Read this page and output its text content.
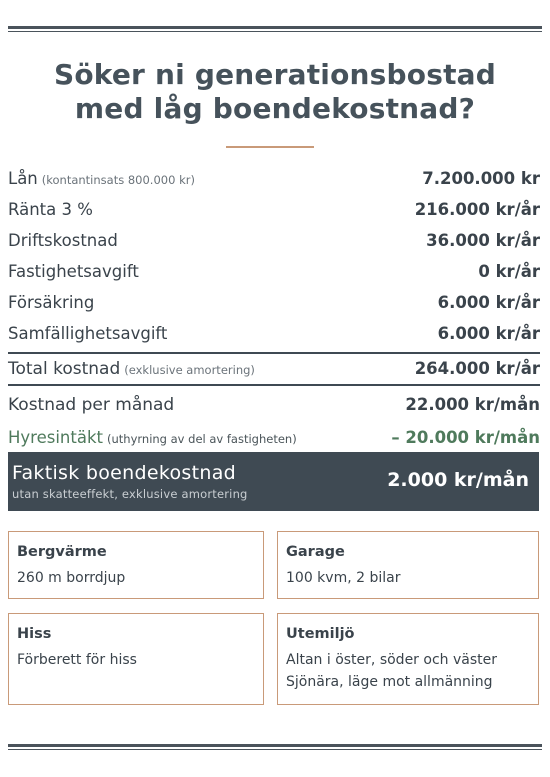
Söker ni generationsbostad
med låg boendekostnad?
Lån (kontantinsats 800.000 kr)	7.200.000 kr
Ränta 3 %	216.000 kr/år
Driftskostnad	36.000 kr/år
Fastighetsavgift	0 kr/år
Försäkring	6.000 kr/år
Samfällighetsavgift	6.000 kr/år
Total kostnad (exklusive amortering)	264.000 kr/år
Kostnad per månad	22.000 kr/mån
Hyresintäkt (uthyrning av del av fastigheten)	– 20.000 kr/mån
Faktisk boendekostnad
utan skatteeffekt, exklusive amortering
2.000 kr/mån
Bergvärme
260 m borrdjup
Garage
100 kvm, 2 bilar
Hiss
Förberett för hiss
Utemiljö
Altan i öster, söder och väster
Sjönära, läge mot allmänning
